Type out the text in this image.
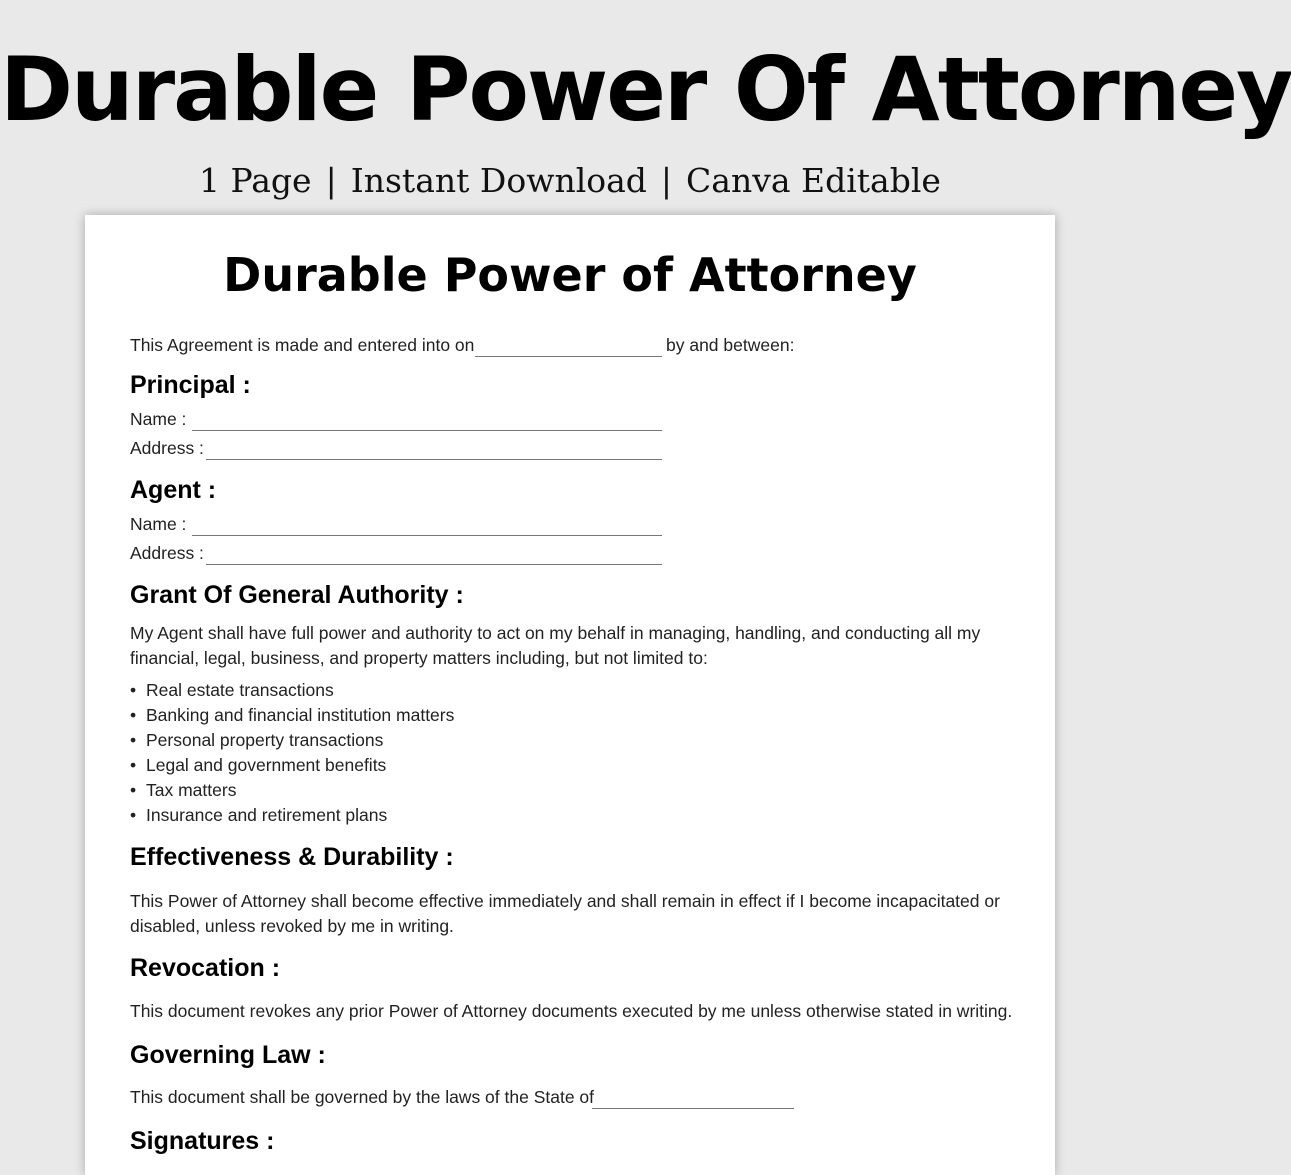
Durable Power Of Attorney
1 Page | Instant Download | Canva Editable
Durable Power of Attorney
This Agreement is made and entered into on	by and between:
Principal :
Name :
Address :
Agent :
Name :
Address :
Grant Of General Authority :
My Agent shall have full power and authority to act on my behalf in managing, handling, and conducting all my financial, legal, business, and property matters including, but not limited to:
• Real estate transactions
• Banking and financial institution matters
• Personal property transactions
• Legal and government benefits
• Tax matters
• Insurance and retirement plans
Effectiveness & Durability :
This Power of Attorney shall become effective immediately and shall remain in effect if I become incapacitated or disabled, unless revoked by me in writing.
Revocation :
This document revokes any prior Power of Attorney documents executed by me unless otherwise stated in writing.
Governing Law :
This document shall be governed by the laws of the State of
Signatures :
